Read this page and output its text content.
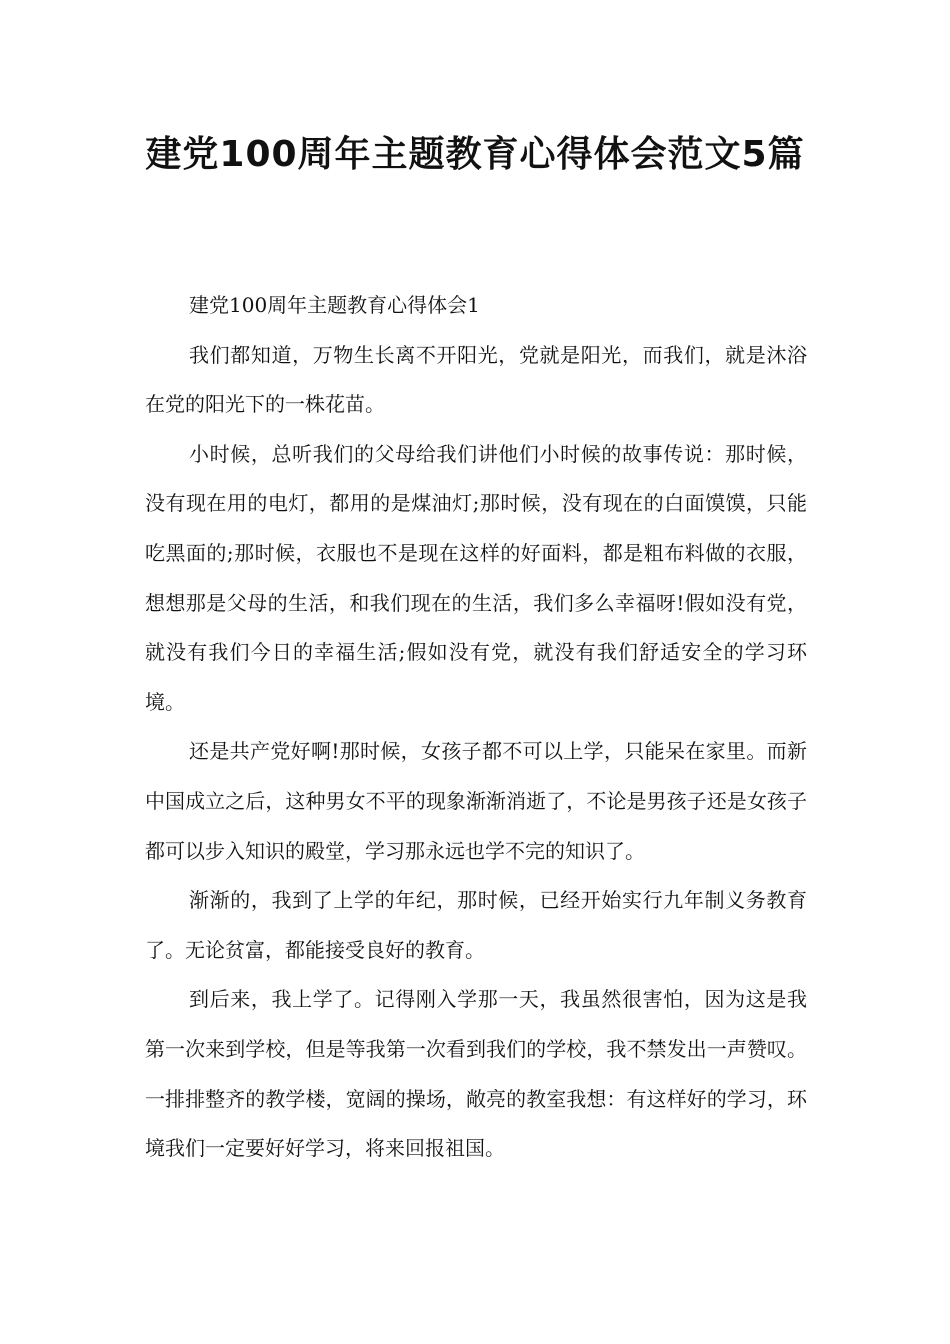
建党100周年主题教育心得体会范文5篇

建党100周年主题教育心得体会1

我们都知道，万物生长离不开阳光，党就是阳光，而我们，就是沐浴在党的阳光下的一株花苗。

小时候，总听我们的父母给我们讲他们小时候的故事传说：那时候，没有现在用的电灯，都用的是煤油灯;那时候，没有现在的白面馍馍，只能吃黑面的;那时候，衣服也不是现在这样的好面料，都是粗布料做的衣服，想想那是父母的生活，和我们现在的生活，我们多么幸福呀!假如没有党，就没有我们今日的幸福生活;假如没有党，就没有我们舒适安全的学习环境。

还是共产党好啊!那时候，女孩子都不可以上学，只能呆在家里。而新中国成立之后，这种男女不平的现象渐渐消逝了，不论是男孩子还是女孩子都可以步入知识的殿堂，学习那永远也学不完的知识了。

渐渐的，我到了上学的年纪，那时候，已经开始实行九年制义务教育了。无论贫富，都能接受良好的教育。

到后来，我上学了。记得刚入学那一天，我虽然很害怕，因为这是我第一次来到学校，但是等我第一次看到我们的学校，我不禁发出一声赞叹。一排排整齐的教学楼，宽阔的操场，敞亮的教室我想：有这样好的学习，环境我们一定要好好学习，将来回报祖国。
